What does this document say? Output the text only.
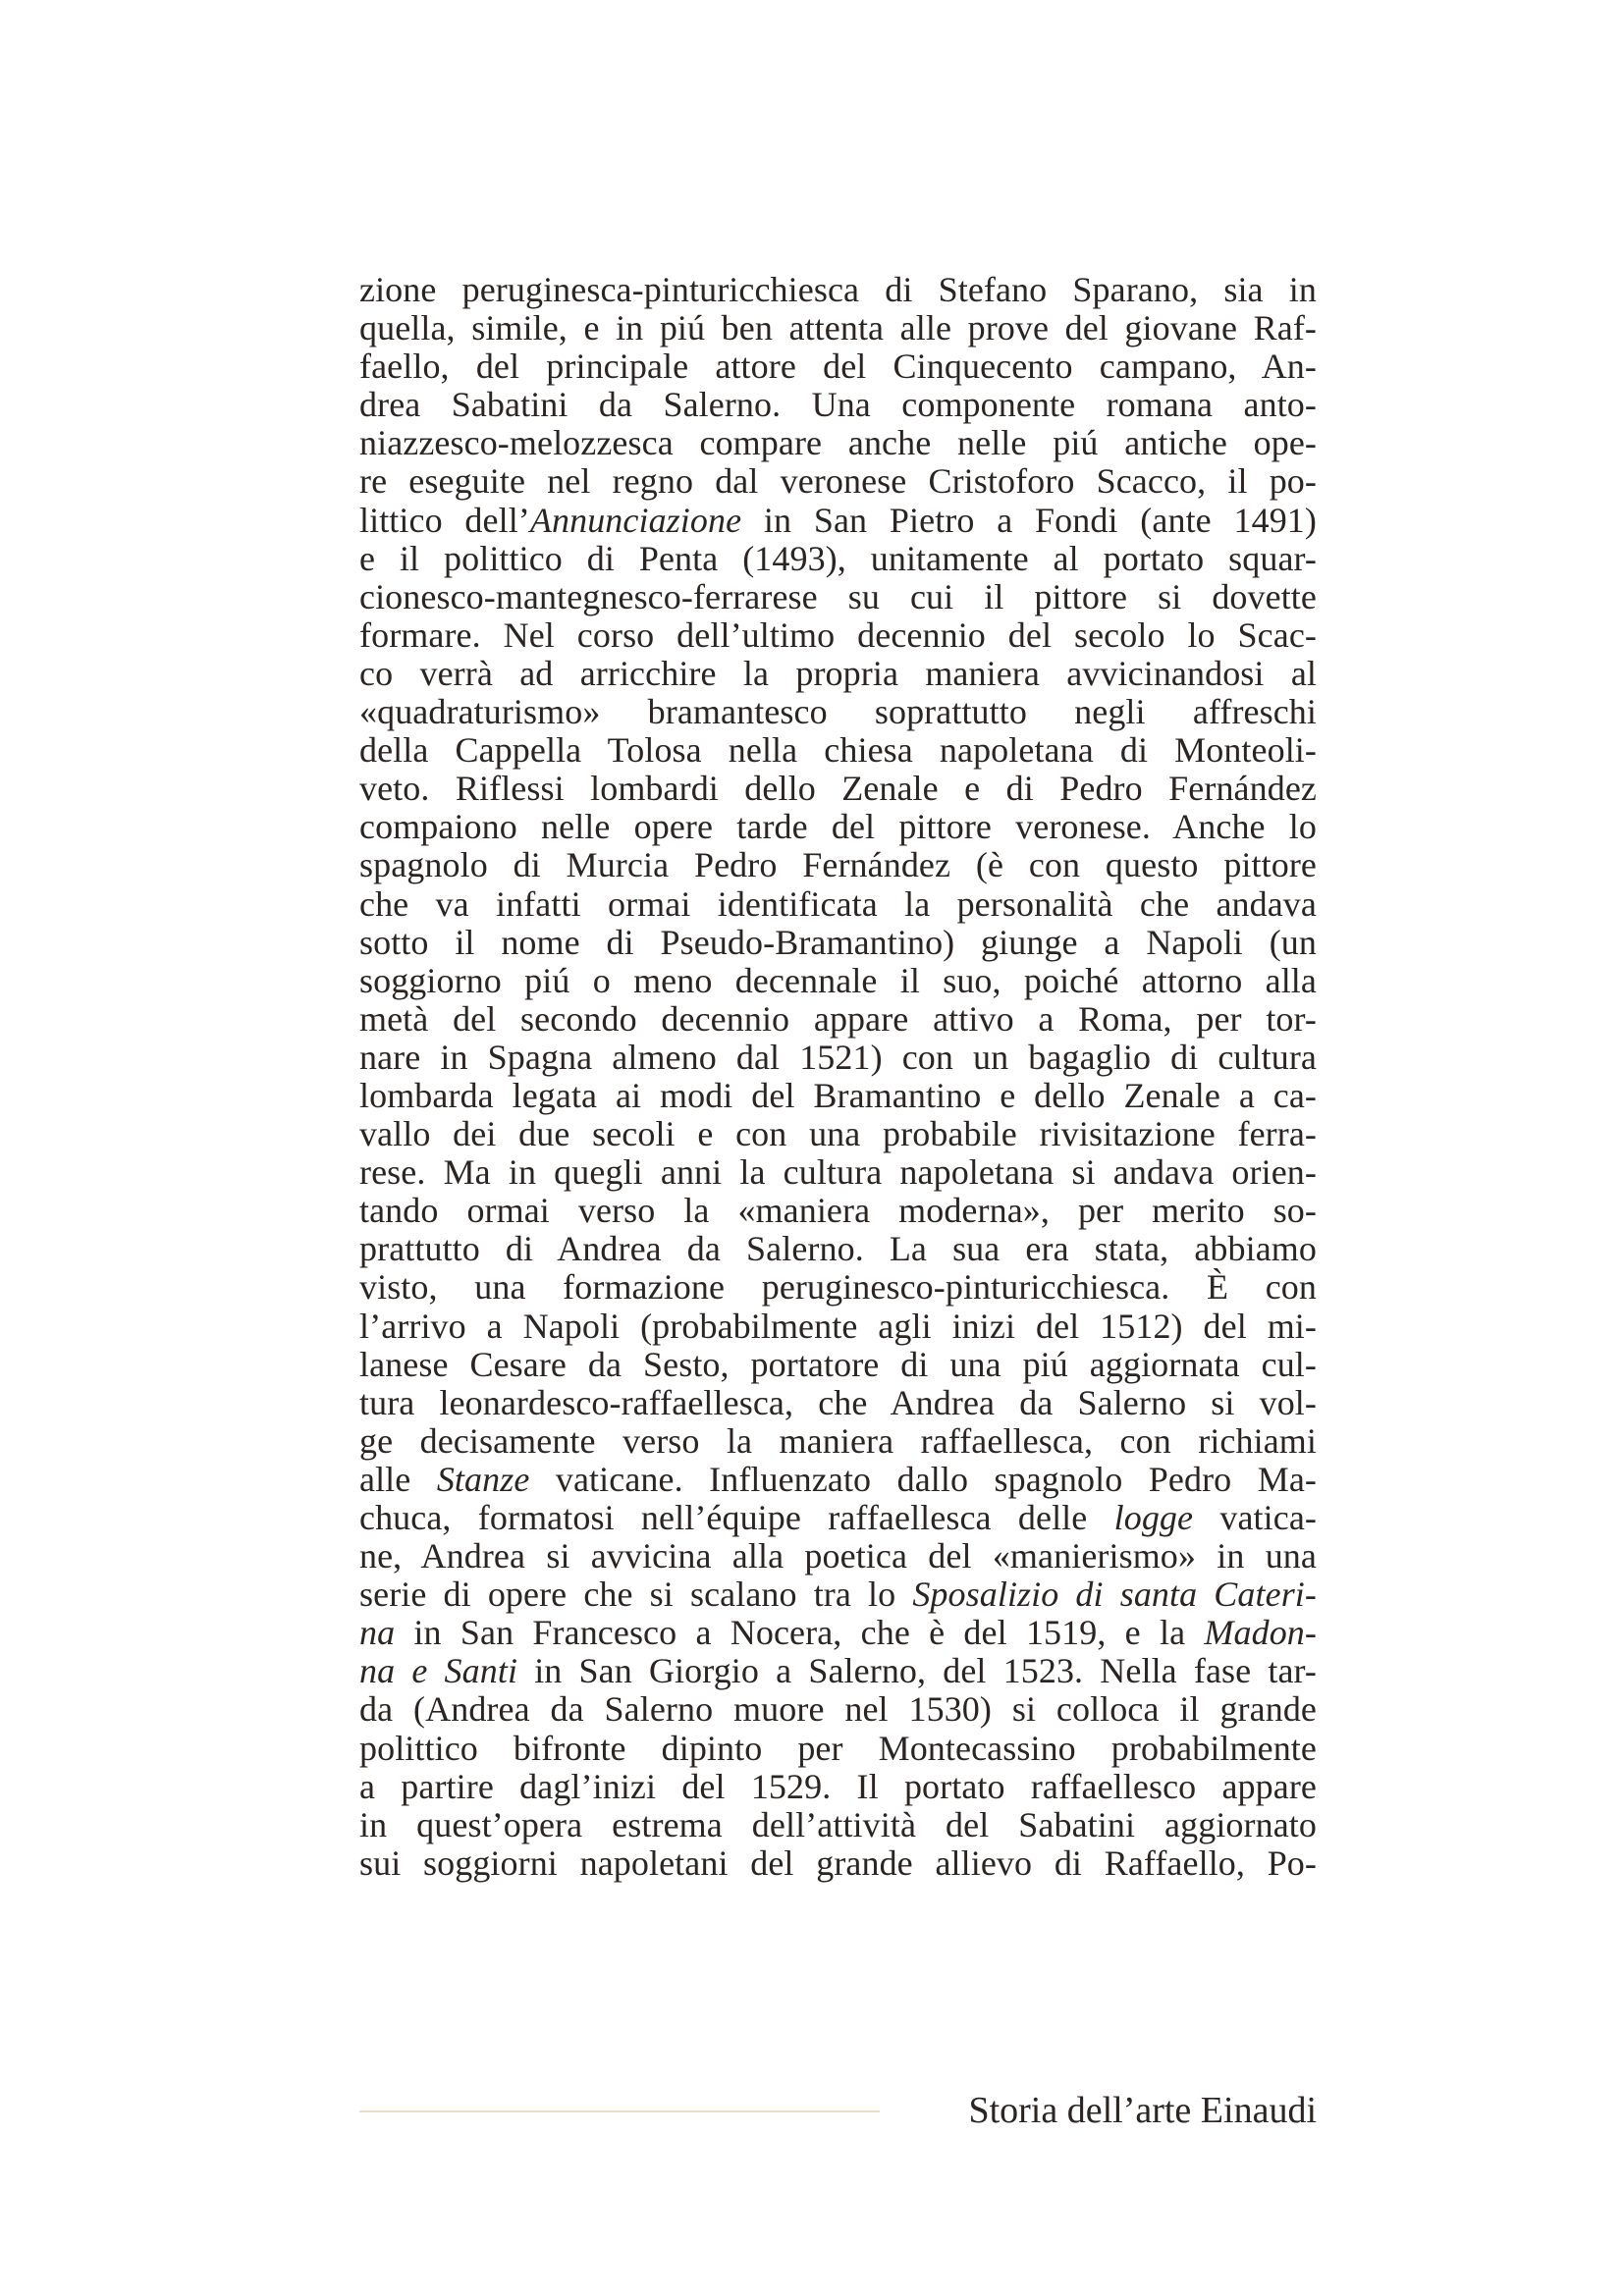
zione peruginesca-pinturicchiesca di Stefano Sparano, sia in
quella, simile, e in piú ben attenta alle prove del giovane Raf-
faello, del principale attore del Cinquecento campano, An-
drea Sabatini da Salerno. Una componente romana anto-
niazzesco-melozzesca compare anche nelle piú antiche ope-
re eseguite nel regno dal veronese Cristoforo Scacco, il po-
littico dell’Annunciazione in San Pietro a Fondi (ante 1491)
e il polittico di Penta (1493), unitamente al portato squar-
cionesco-mantegnesco-ferrarese su cui il pittore si dovette
formare. Nel corso dell’ultimo decennio del secolo lo Scac-
co verrà ad arricchire la propria maniera avvicinandosi al
«quadraturismo» bramantesco soprattutto negli affreschi
della Cappella Tolosa nella chiesa napoletana di Monteoli-
veto. Riflessi lombardi dello Zenale e di Pedro Fernández
compaiono nelle opere tarde del pittore veronese. Anche lo
spagnolo di Murcia Pedro Fernández (è con questo pittore
che va infatti ormai identificata la personalità che andava
sotto il nome di Pseudo-Bramantino) giunge a Napoli (un
soggiorno piú o meno decennale il suo, poiché attorno alla
metà del secondo decennio appare attivo a Roma, per tor-
nare in Spagna almeno dal 1521) con un bagaglio di cultura
lombarda legata ai modi del Bramantino e dello Zenale a ca-
vallo dei due secoli e con una probabile rivisitazione ferra-
rese. Ma in quegli anni la cultura napoletana si andava orien-
tando ormai verso la «maniera moderna», per merito so-
prattutto di Andrea da Salerno. La sua era stata, abbiamo
visto, una formazione peruginesco-pinturicchiesca. È con
l’arrivo a Napoli (probabilmente agli inizi del 1512) del mi-
lanese Cesare da Sesto, portatore di una piú aggiornata cul-
tura leonardesco-raffaellesca, che Andrea da Salerno si vol-
ge decisamente verso la maniera raffaellesca, con richiami
alle Stanze vaticane. Influenzato dallo spagnolo Pedro Ma-
chuca, formatosi nell’équipe raffaellesca delle logge vatica-
ne, Andrea si avvicina alla poetica del «manierismo» in una
serie di opere che si scalano tra lo Sposalizio di santa Cateri-
na in San Francesco a Nocera, che è del 1519, e la Madon-
na e Santi in San Giorgio a Salerno, del 1523. Nella fase tar-
da (Andrea da Salerno muore nel 1530) si colloca il grande
polittico bifronte dipinto per Montecassino probabilmente
a partire dagl’inizi del 1529. Il portato raffaellesco appare
in quest’opera estrema dell’attività del Sabatini aggiornato
sui soggiorni napoletani del grande allievo di Raffaello, Po-
Storia dell’arte Einaudi
